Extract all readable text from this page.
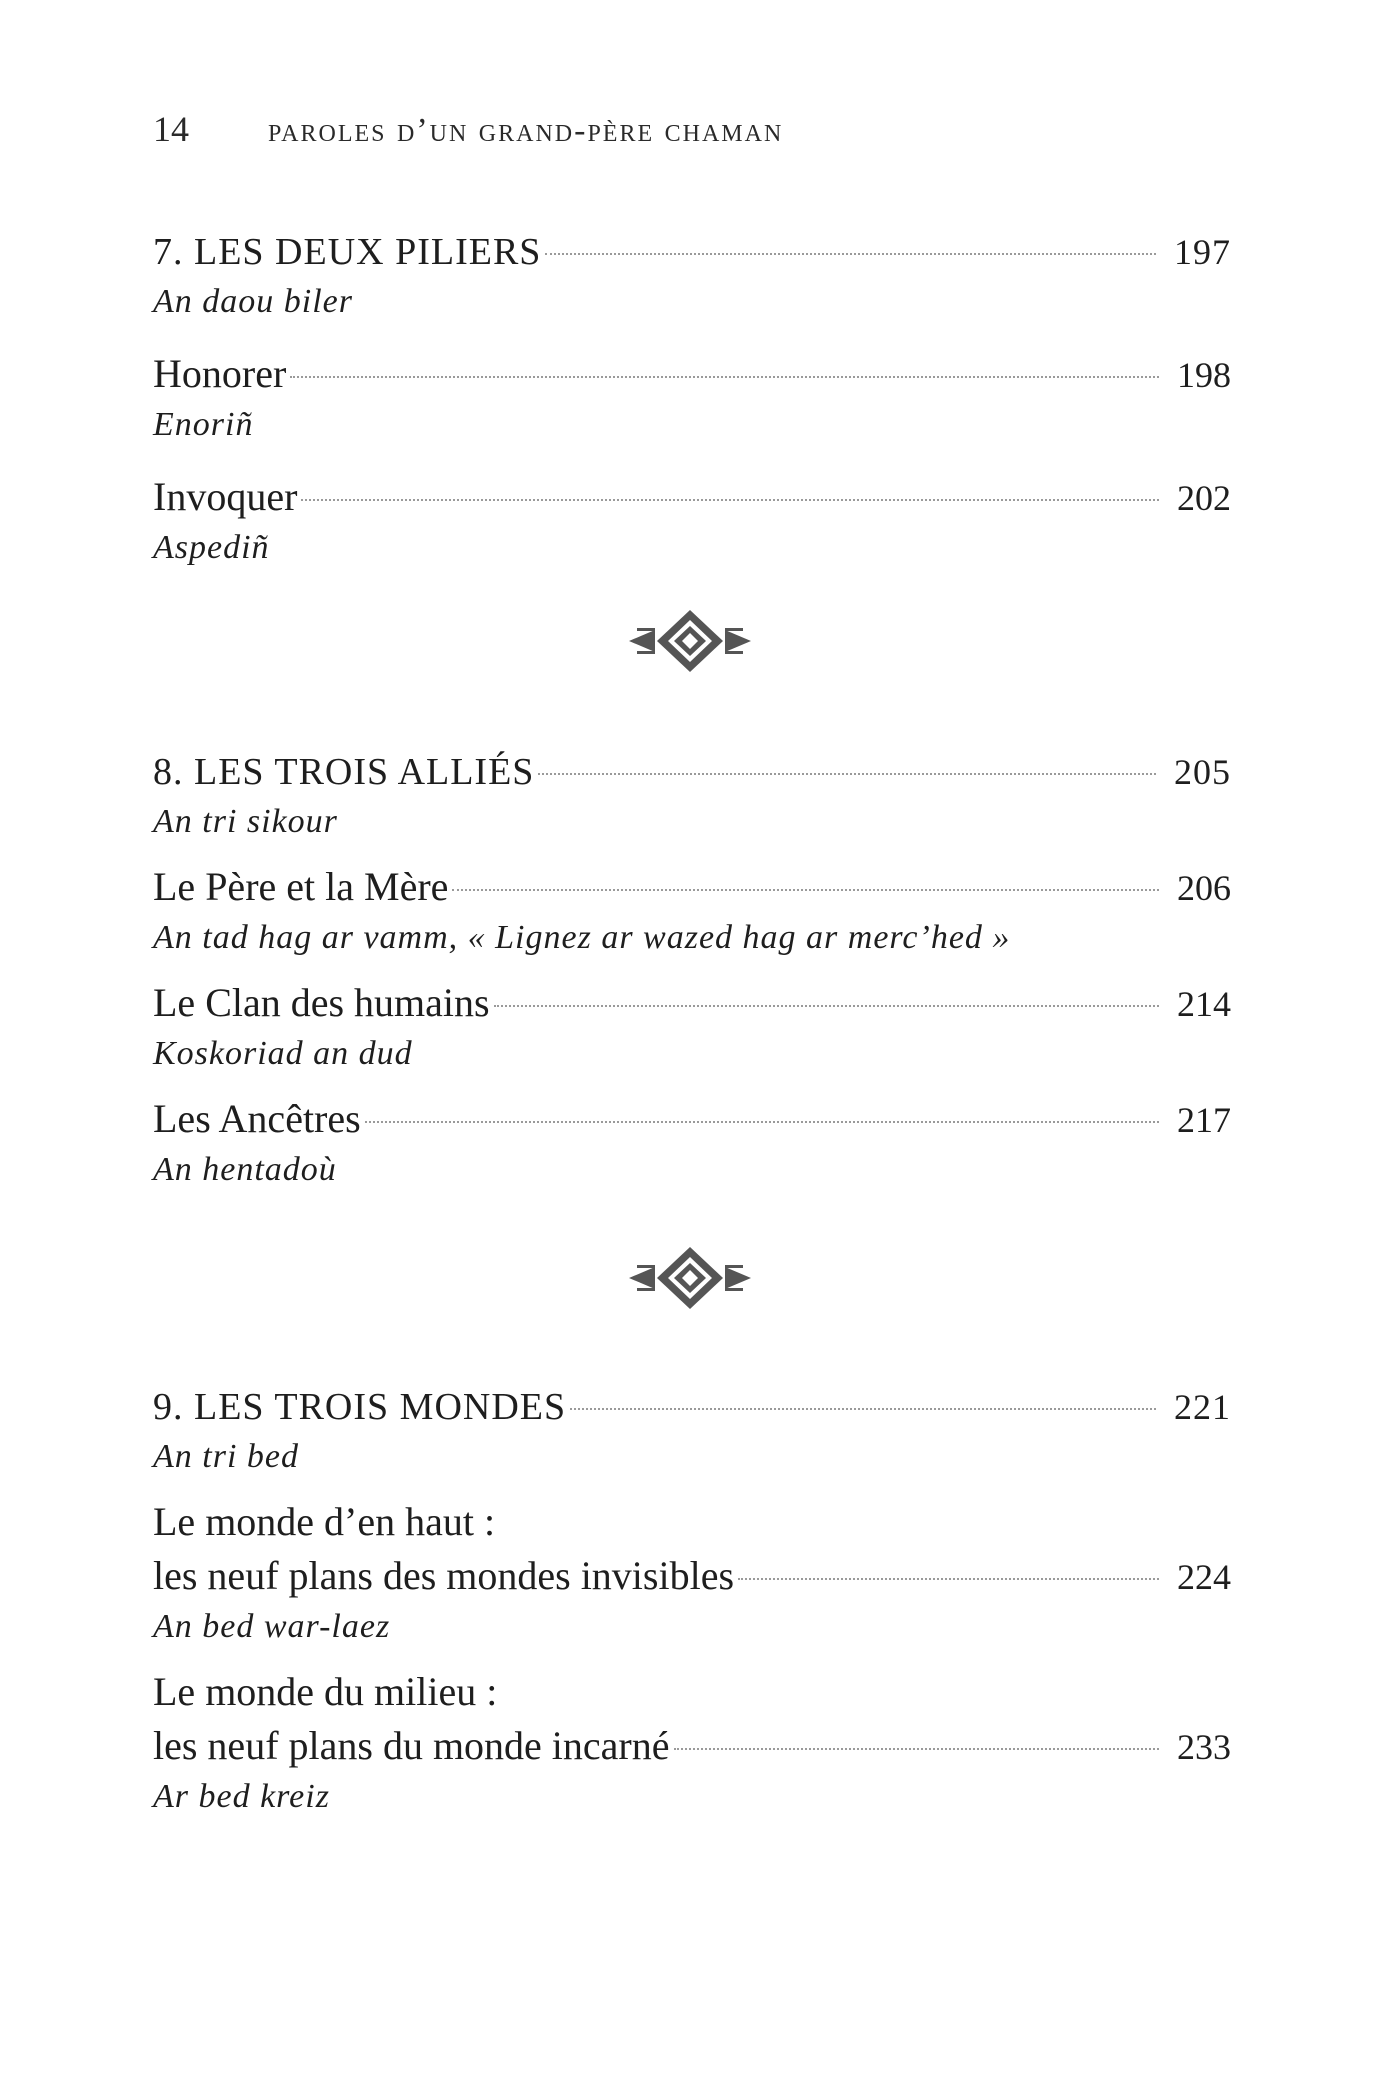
14	paroles d’un grand-père chaman
7. LES DEUX PILIERS	197
An daou biler
Honorer	198
Enoriñ
Invoquer	202
Aspediñ
8. LES TROIS ALLIÉS	205
An tri sikour
Le Père et la Mère	206
An tad hag ar vamm, « Lignez ar wazed hag ar merc’hed »
Le Clan des humains	214
Koskoriad an dud
Les Ancêtres	217
An hentadoù
9. LES TROIS MONDES	221
An tri bed
Le monde d’en haut :
les neuf plans des mondes invisibles	224
An bed war-laez
Le monde du milieu :
les neuf plans du monde incarné	233
Ar bed kreiz
